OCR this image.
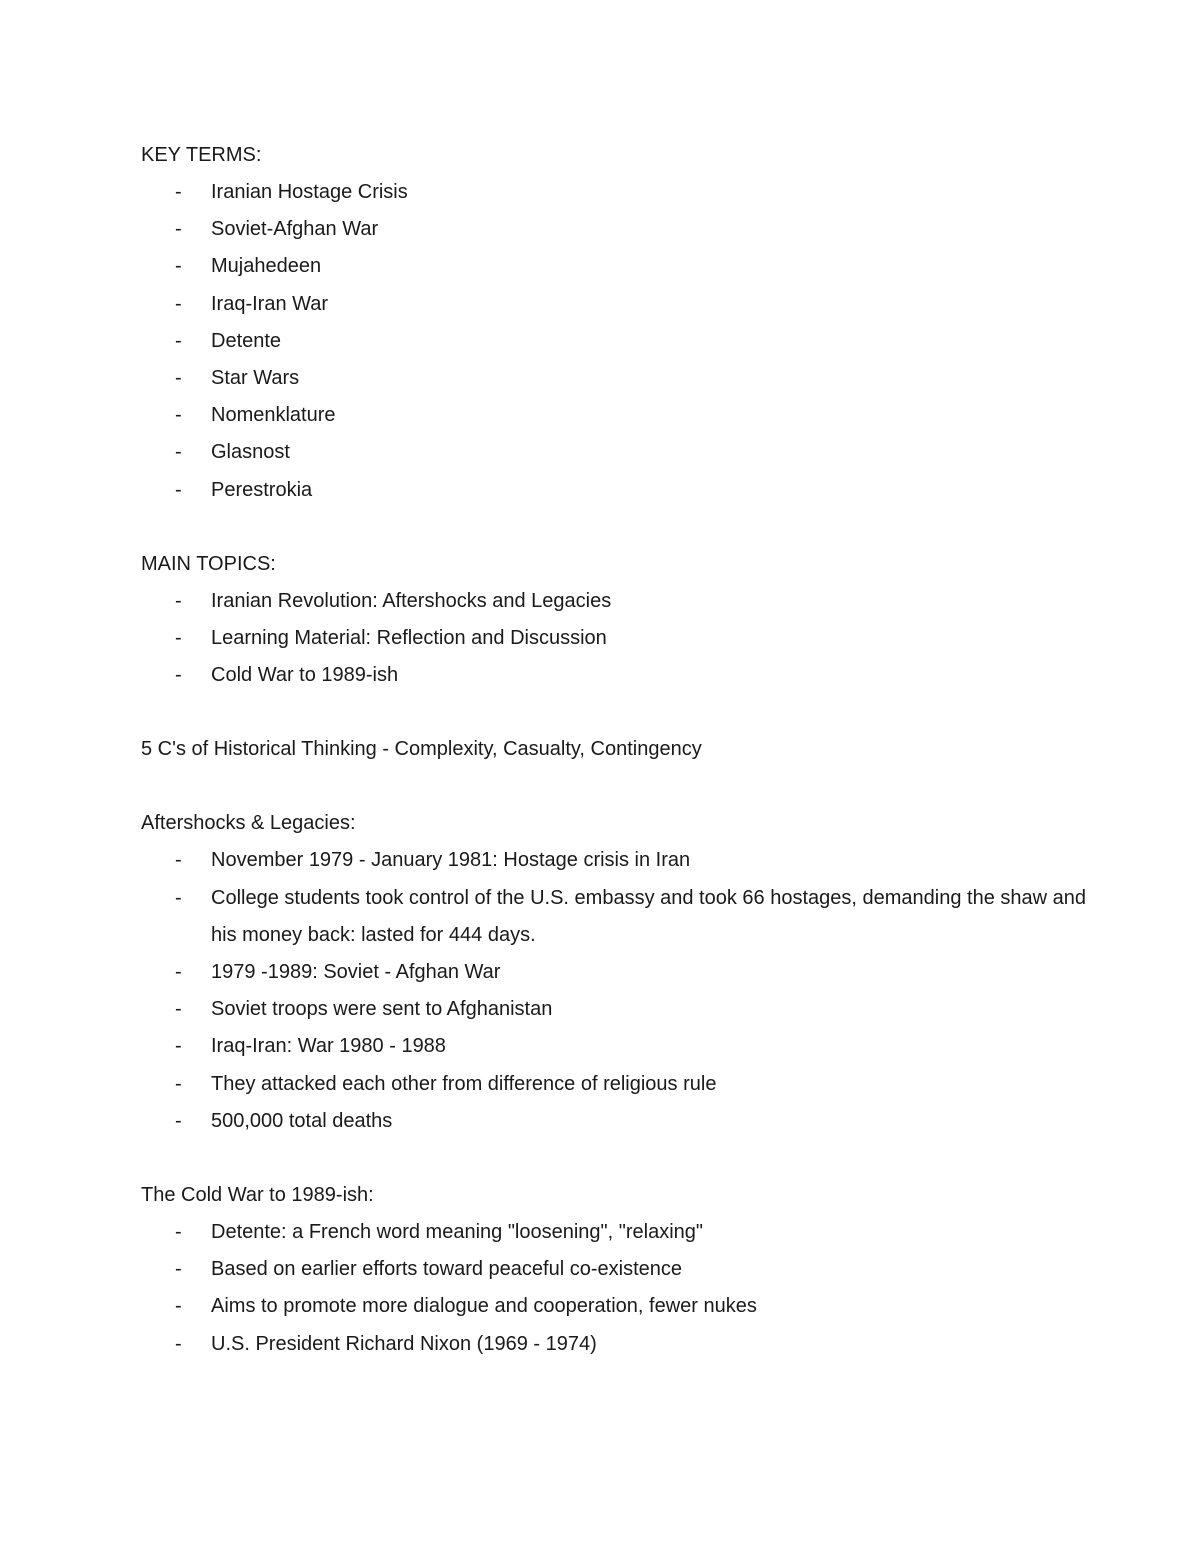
KEY TERMS:

- Iranian Hostage Crisis
- Soviet-Afghan War
- Mujahedeen
- Iraq-Iran War
- Detente
- Star Wars
- Nomenklature
- Glasnost
- Perestrokia

MAIN TOPICS:

- Iranian Revolution: Aftershocks and Legacies
- Learning Material: Reflection and Discussion
- Cold War to 1989-ish

5 C's of Historical Thinking - Complexity, Casualty, Contingency

Aftershocks & Legacies:

- November 1979 - January 1981: Hostage crisis in Iran
- College students took control of the U.S. embassy and took 66 hostages, demanding the shaw and his money back: lasted for 444 days.
- 1979 -1989: Soviet - Afghan War
- Soviet troops were sent to Afghanistan
- Iraq-Iran: War 1980 - 1988
- They attacked each other from difference of religious rule
- 500,000 total deaths

The Cold War to 1989-ish:

- Detente: a French word meaning "loosening", "relaxing"
- Based on earlier efforts toward peaceful co-existence
- Aims to promote more dialogue and cooperation, fewer nukes
- U.S. President Richard Nixon (1969 - 1974)
